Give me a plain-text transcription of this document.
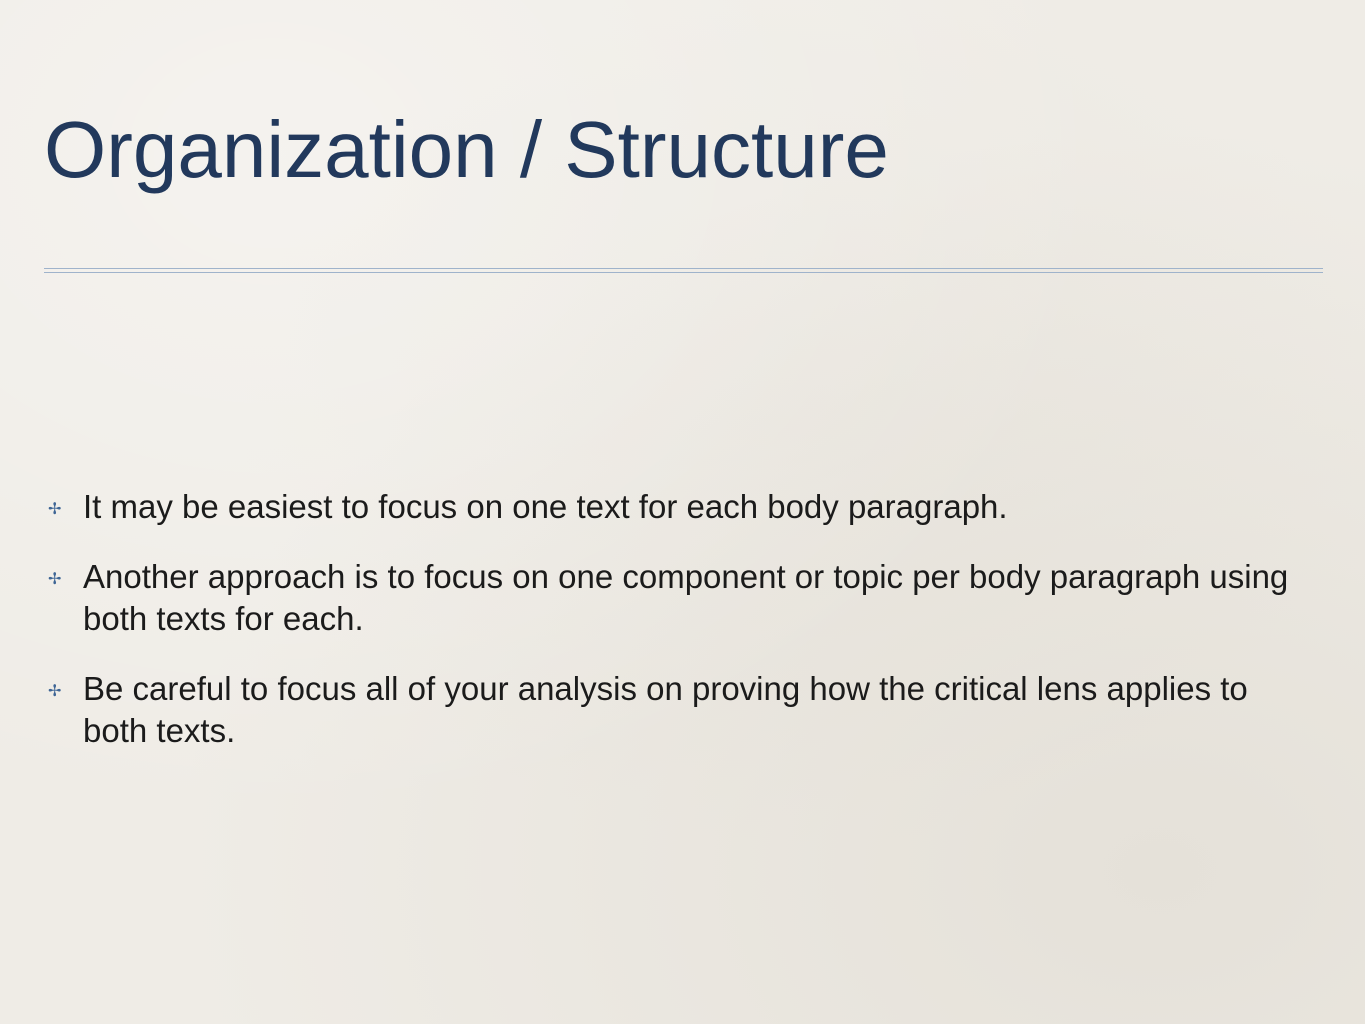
Organization / Structure
✢ It may be easiest to focus on one text for each body paragraph.
✢ Another approach is to focus on one component or topic per body paragraph using both texts for each.
✢ Be careful to focus all of your analysis on proving how the critical lens applies to both texts.
